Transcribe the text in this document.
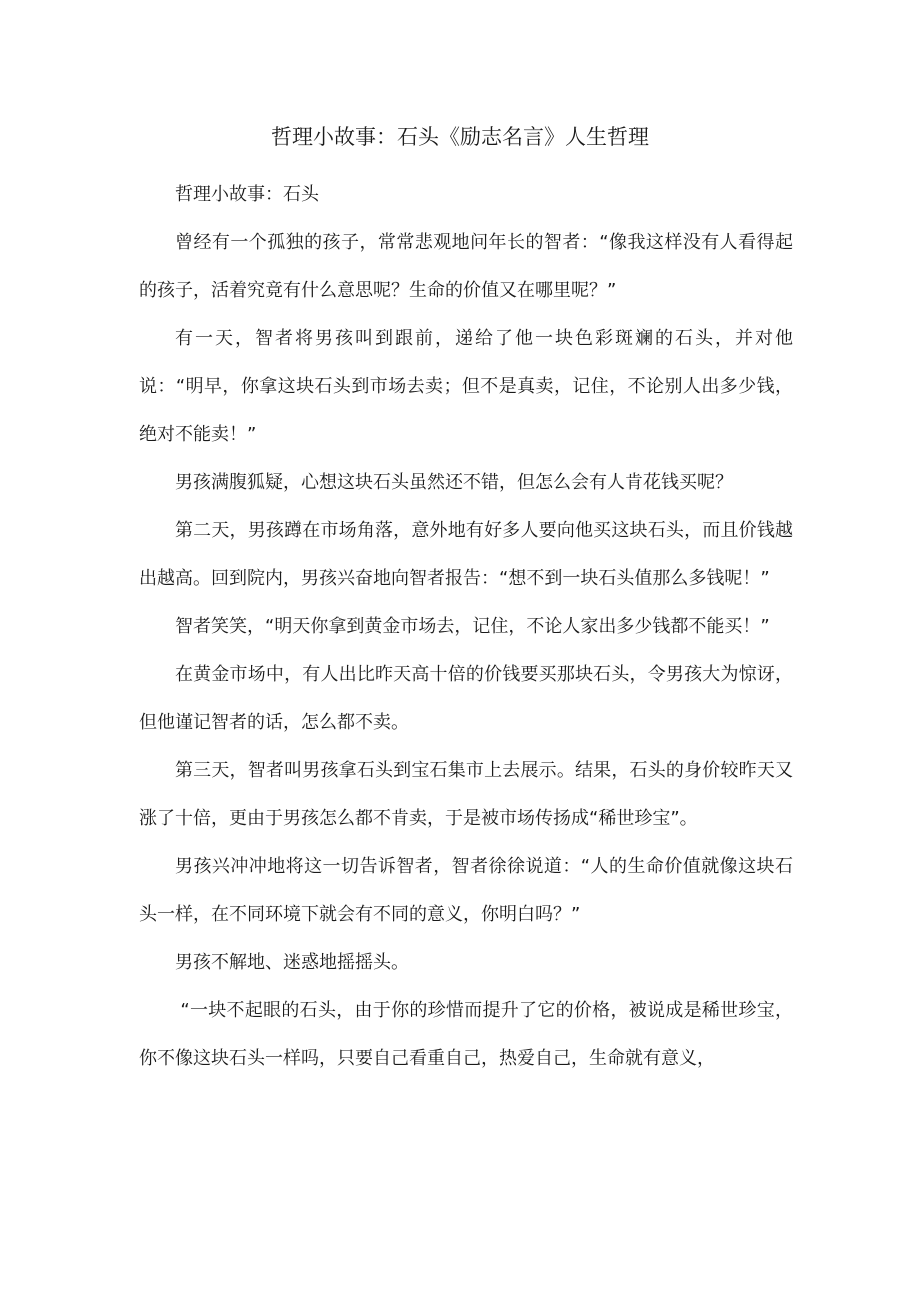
哲理小故事：石头《励志名言》人生哲理

哲理小故事：石头

曾经有一个孤独的孩子，常常悲观地问年长的智者：“像我这样没有人看得起的孩子，活着究竟有什么意思呢？生命的价值又在哪里呢？”

有一天，智者将男孩叫到跟前，递给了他一块色彩斑斓的石头，并对他说：“明早，你拿这块石头到市场去卖；但不是真卖，记住，不论别人出多少钱，绝对不能卖！”

男孩满腹狐疑，心想这块石头虽然还不错，但怎么会有人肯花钱买呢？

第二天，男孩蹲在市场角落，意外地有好多人要向他买这块石头，而且价钱越出越高。回到院内，男孩兴奋地向智者报告：“想不到一块石头值那么多钱呢！”

智者笑笑，“明天你拿到黄金市场去，记住，不论人家出多少钱都不能买！”

在黄金市场中，有人出比昨天高十倍的价钱要买那块石头，令男孩大为惊讶，但他谨记智者的话，怎么都不卖。

第三天，智者叫男孩拿石头到宝石集市上去展示。结果，石头的身价较昨天又涨了十倍，更由于男孩怎么都不肯卖，于是被市场传扬成“稀世珍宝”。

男孩兴冲冲地将这一切告诉智者，智者徐徐说道：“人的生命价值就像这块石头一样，在不同环境下就会有不同的意义，你明白吗？”

男孩不解地、迷惑地摇摇头。

“一块不起眼的石头，由于你的珍惜而提升了它的价格，被说成是稀世珍宝，你不像这块石头一样吗，只要自己看重自己，热爱自己，生命就有意义，
